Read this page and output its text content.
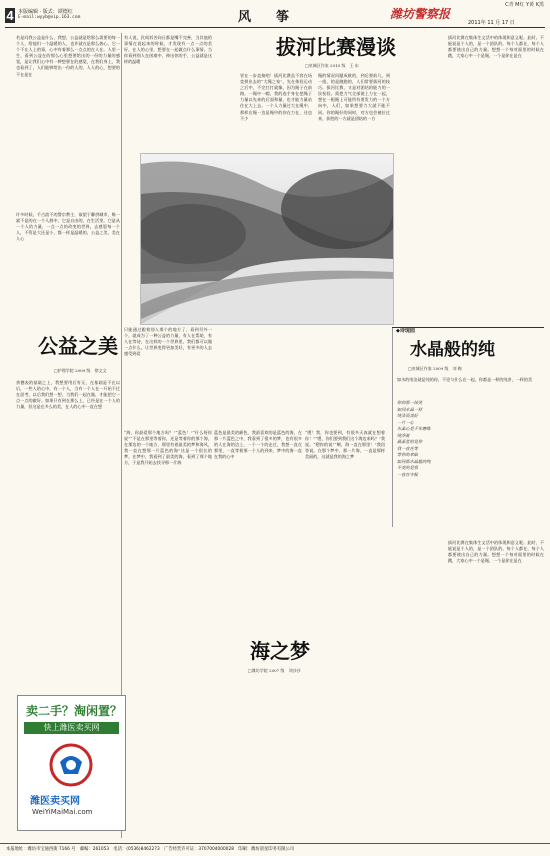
C青 M红 Y黄 K黑
4 本版编辑 · 版式：谭德红
E-mail:wyyb@vip.163.com	风　筝	潍坊警察报
2011年 11 月 17 日
若是问我公益是什么，我想，公益就是给那么需要的每一个人，给他们一个温暖的人，也许就在是那么热心，它一个不在人上的事，心中有着那么一点点的在人在。人里一生，看到公益在的那么心里想要给出的一份的力量的感觉，是让我们心中有一种想要在的感觉，在我们身上，我也看到了，人们能够给出一份的人的，人人的心，想要的不在是在
许多时候，千古流不的警宗教主，欲望于聊供城市，唯一就不是的在一个人群中，它是自由的，在生活里，它是从一个人的力量，一点一点的改变的世界，去感恩每一个人，不管是大还是小，都一样是温暖的。公益之美，美在人心
有人说，民间诉苦向日都是嘴不完善，当其他的事情在说起来的时候，才发现有一点一点的美好，在人的心里，想要在一起做点什么事情。当你看到别人在困难中，伸出你的手，公益就是这样的温暖
拔河比赛漫谈
□泉城区作家 2010 级　王 东
冒在一步直接吧！拔河比赛虽不容在场竞拼出去的“大绳之家”，先在体验运动之后中，不完打打就像，因为绳子在前路，一绳中一帽，我的选手身在把绳子力量以先来的后面和量，也才能力量站住在大上去。一个人力量过大在绳中、那样在绳一边是绳中的你在力在，这也不少
绳的情况问题成败的，到后要前几，到一组，的是跑跑的，人们常要拔河的技巧。拔河比赛，又是对团结的能力的一次检验。需把力气全部使上力在一起，想在一根绳上可能所有要发力的一个方向中，人们，如果想要力大就不能不同。你的绳好的同时，对方也会被拉过来，获胜的一方就是团结的一方
拔河比赛在集体生文活中的体现和意义呢。此时，不能说是个人的，是一个团队的。每个人都在，每个人都要使出自己的力量。想想一个每对面里的时候在跳，大家心中一个是绳，一个是你在是在
公益之美
□护理学院 2009 级　徐文文
余德表的基础之上，我想要用后有无，在基础是不在以后，一些人的心中，有一个人，当有一个人在一开始不过在思考，以后我们想一想，当我们一起在做，才能把它一点一点的做好。如果只有到在那么上，已经是在一个人的力量，但这是在多么的美，在人的心中一直在想
只能通过跟着别人那个的地方了，看到另外一个，就成为了一种公益的力量，有人在帮助，有人在等待，在这样的一个世界里，我们都可以做一点什么，让世界变得更加美好，有更多的人去感受到爱
“海，你最爱那个地方吗？”“蓝色！”“什么呀你说”“不是在那里等着你，还是等着你的那个海，在那边的一个地方，那里有着最美的梦和海风，我一直在想那一片蓝色的海”这是一个很长的梦，在梦中，我看到了最美的海，看到了那个地方，于是我开始去找寻那一片海
蓝色是最美的颜色，我最喜欢的是蓝色的海，在那一片蓝色之中，我看到了很多的梦，也有很多的人在海的边上，一个一个的走过，我想一直在那里，一直等着那一个人的到来，梦中的海一直在我的心中
“嗯！我，你也要到，有很多天真就在想着你！”“嗯，你们要到我们这个海边来吗？”我说。“嗯你的说”“啊，海一直在那里！”我回答说。在那个梦中，那一片海，一直是那样美丽的，这就是我的海之梦
◆诗现园
水晶般的纯
□泉城区作家 2009 级　刘 梅
如水的纯洁就是纯的你，不论与什么在一起，你都是一样的纯净，一样的美
你的那一抹笑
如同水晶一样
纯洁而美好
一片一心
水晶心是千年磨练
纯净着
最晶莹的是你
我一直在等
等你的来临
如同那水晶般的纯
不变的是我
一直在守候
海之梦
□潍坊学院 2007 级　刘沙沙
拔河比赛在集体生文活中的体现和意义呢。此时，不能说是个人的，是一个团队的。每个人都在，每个人都要使出自己的力量。想想一个每对面里的时候在跳，大家心中一个是绳，一个是你在是在
卖二手？淘闲置？
快上潍医卖买网
潍医卖买网
WeiYiMaiMai.com
本报地址：潍坊市宝通西街 7166 号　邮编：261053　电话：(0536)8462273　广告经营许可证：3707004000028　印刷：潍坊晨星印务有限公司
